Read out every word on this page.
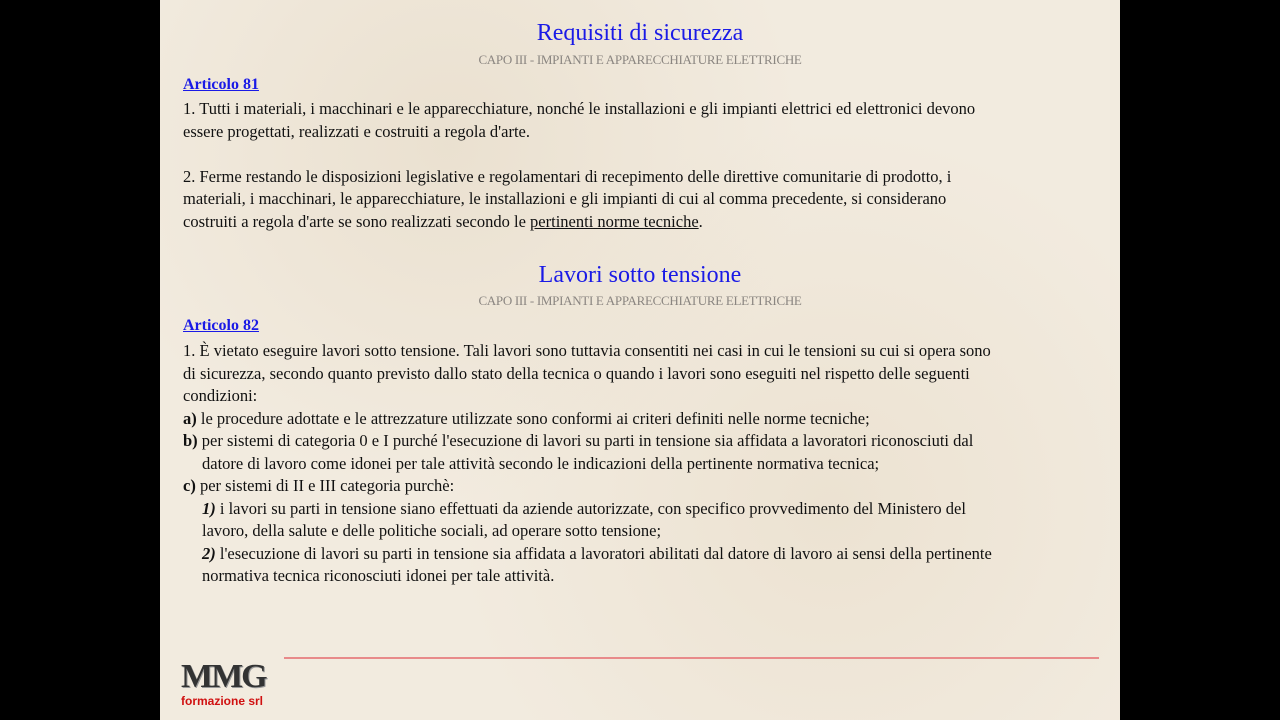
Requisiti di sicurezza
CAPO III - IMPIANTI E APPARECCHIATURE ELETTRICHE
Articolo 81
1. Tutti i materiali, i macchinari e le apparecchiature, nonché le installazioni e gli impianti elettrici ed elettronici devono
essere progettati, realizzati e costruiti a regola d'arte.
2. Ferme restando le disposizioni legislative e regolamentari di recepimento delle direttive comunitarie di prodotto, i
materiali, i macchinari, le apparecchiature, le installazioni e gli impianti di cui al comma precedente, si considerano
costruiti a regola d'arte se sono realizzati secondo le pertinenti norme tecniche.
Lavori sotto tensione
CAPO III - IMPIANTI E APPARECCHIATURE ELETTRICHE
Articolo 82
1. È vietato eseguire lavori sotto tensione. Tali lavori sono tuttavia consentiti nei casi in cui le tensioni su cui si opera sono
di sicurezza, secondo quanto previsto dallo stato della tecnica o quando i lavori sono eseguiti nel rispetto delle seguenti
condizioni:
a) le procedure adottate e le attrezzature utilizzate sono conformi ai criteri definiti nelle norme tecniche;
b) per sistemi di categoria 0 e I purché l'esecuzione di lavori su parti in tensione sia affidata a lavoratori riconosciuti dal
datore di lavoro come idonei per tale attività secondo le indicazioni della pertinente normativa tecnica;
c) per sistemi di II e III categoria purchè:
1) i lavori su parti in tensione siano effettuati da aziende autorizzate, con specifico provvedimento del Ministero del
lavoro, della salute e delle politiche sociali, ad operare sotto tensione;
2) l'esecuzione di lavori su parti in tensione sia affidata a lavoratori abilitati dal datore di lavoro ai sensi della pertinente
normativa tecnica riconosciuti idonei per tale attività.
MMG
formazione srl
